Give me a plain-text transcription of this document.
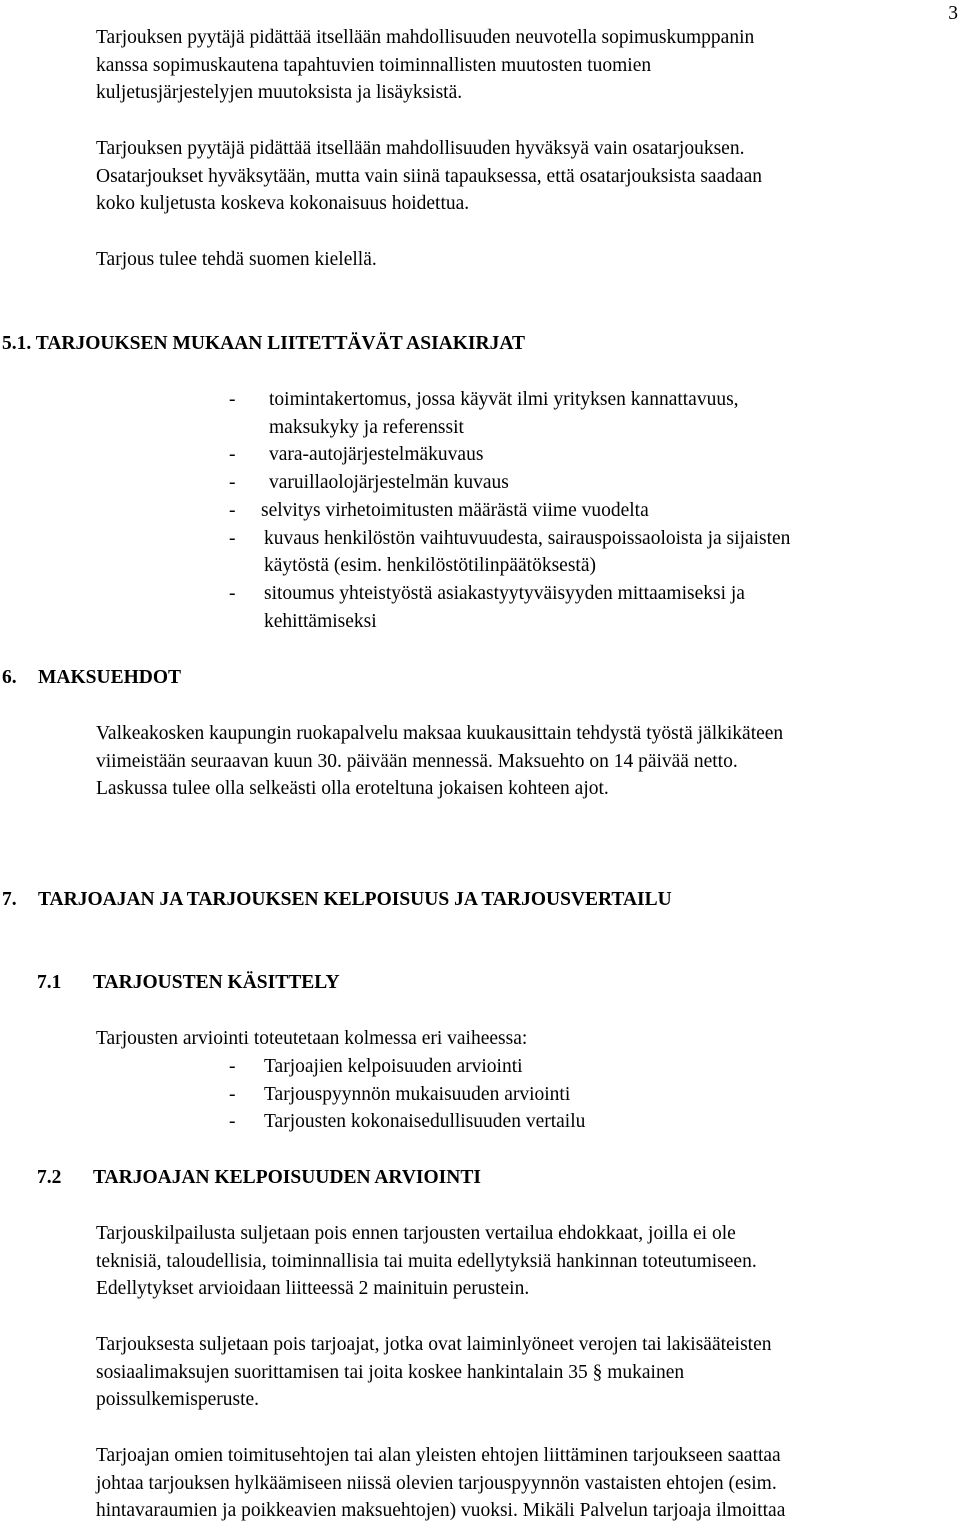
3
Tarjouksen pyytäjä pidättää itsellään mahdollisuuden neuvotella sopimuskumppanin
kanssa sopimuskautena tapahtuvien toiminnallisten muutosten tuomien
kuljetusjärjestelyjen muutoksista ja lisäyksistä.
Tarjouksen pyytäjä pidättää itsellään mahdollisuuden hyväksyä vain osatarjouksen.
Osatarjoukset hyväksytään, mutta vain siinä tapauksessa, että osatarjouksista saadaan
koko kuljetusta koskeva kokonaisuus hoidettua.
Tarjous tulee tehdä suomen kielellä.
5.1. TARJOUKSEN MUKAAN LIITETTÄVÄT ASIAKIRJAT
- toimintakertomus, jossa käyvät ilmi yrityksen kannattavuus,
maksukyky ja referenssit
- vara-autojärjestelmäkuvaus
- varuillaolojärjestelmän kuvaus
- selvitys virhetoimitusten määrästä viime vuodelta
- kuvaus henkilöstön vaihtuvuudesta, sairauspoissaoloista ja sijaisten
käytöstä (esim. henkilöstötilinpäätöksestä)
- sitoumus yhteistyöstä asiakastyytyväisyyden mittaamiseksi ja
kehittämiseksi
6. MAKSUEHDOT
Valkeakosken kaupungin ruokapalvelu maksaa kuukausittain tehdystä työstä jälkikäteen
viimeistään seuraavan kuun 30. päivään mennessä. Maksuehto on 14 päivää netto.
Laskussa tulee olla selkeästi olla eroteltuna jokaisen kohteen ajot.
7. TARJOAJAN JA TARJOUKSEN KELPOISUUS JA TARJOUSVERTAILU
7.1 TARJOUSTEN KÄSITTELY
Tarjousten arviointi toteutetaan kolmessa eri vaiheessa:
- Tarjoajien kelpoisuuden arviointi
- Tarjouspyynnön mukaisuuden arviointi
- Tarjousten kokonaisedullisuuden vertailu
7.2 TARJOAJAN KELPOISUUDEN ARVIOINTI
Tarjouskilpailusta suljetaan pois ennen tarjousten vertailua ehdokkaat, joilla ei ole
teknisiä, taloudellisia, toiminnallisia tai muita edellytyksiä hankinnan toteutumiseen.
Edellytykset arvioidaan liitteessä 2 mainituin perustein.
Tarjouksesta suljetaan pois tarjoajat, jotka ovat laiminlyöneet verojen tai lakisääteisten
sosiaalimaksujen suorittamisen tai joita koskee hankintalain 35 § mukainen
poissulkemisperuste.
Tarjoajan omien toimitusehtojen tai alan yleisten ehtojen liittäminen tarjoukseen saattaa
johtaa tarjouksen hylkäämiseen niissä olevien tarjouspyynnön vastaisten ehtojen (esim.
hintavaraumien ja poikkeavien maksuehtojen) vuoksi. Mikäli Palvelun tarjoaja ilmoittaa
